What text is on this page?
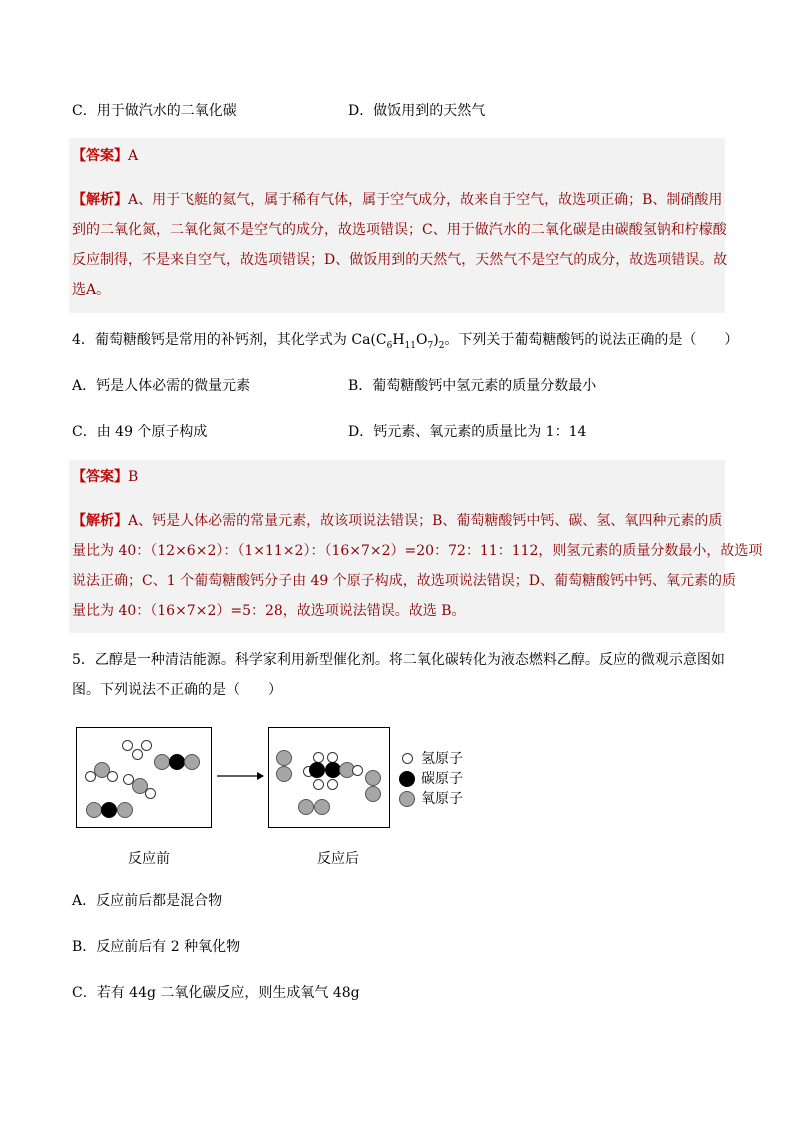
C．用于做汽水的二氧化碳	D．做饭用到的天然气
【答案】A
【解析】A、用于飞艇的氦气，属于稀有气体，属于空气成分，故来自于空气，故选项正确；B、制硝酸用
到的二氧化氮，二氧化氮不是空气的成分，故选项错误；C、用于做汽水的二氧化碳是由碳酸氢钠和柠檬酸
反应制得，不是来自空气，故选项错误；D、做饭用到的天然气，天然气不是空气的成分，故选项错误。故
选A。
4．葡萄糖酸钙是常用的补钙剂，其化学式为 $Ca(C_6H_{11}O_7)_2$。下列关于葡萄糖酸钙的说法正确的是（　　）
A．钙是人体必需的微量元素	B．葡萄糖酸钙中氢元素的质量分数最小
C．由 49 个原子构成	D．钙元素、氧元素的质量比为 1：14
【答案】B
【解析】A、钙是人体必需的常量元素，故该项说法错误；B、葡萄糖酸钙中钙、碳、氢、氧四种元素的质
量比为 40：（12×6×2）：（1×11×2）：（16×7×2）=20：72：11：112，则氢元素的质量分数最小，故选项
说法正确；C、1 个葡萄糖酸钙分子由 49 个原子构成，故选项说法错误；D、葡萄糖酸钙中钙、氧元素的质
量比为 40：（16×7×2）=5：28，故选项说法错误。故选 B。
5．乙醇是一种清洁能源。科学家利用新型催化剂。将二氧化碳转化为液态燃料乙醇。反应的微观示意图如
图。下列说法不正确的是（　　）
氢原子
碳原子
氧原子
反应前	反应后
A．反应前后都是混合物
B．反应前后有 2 种氧化物
C．若有 44g 二氧化碳反应，则生成氧气 48g
